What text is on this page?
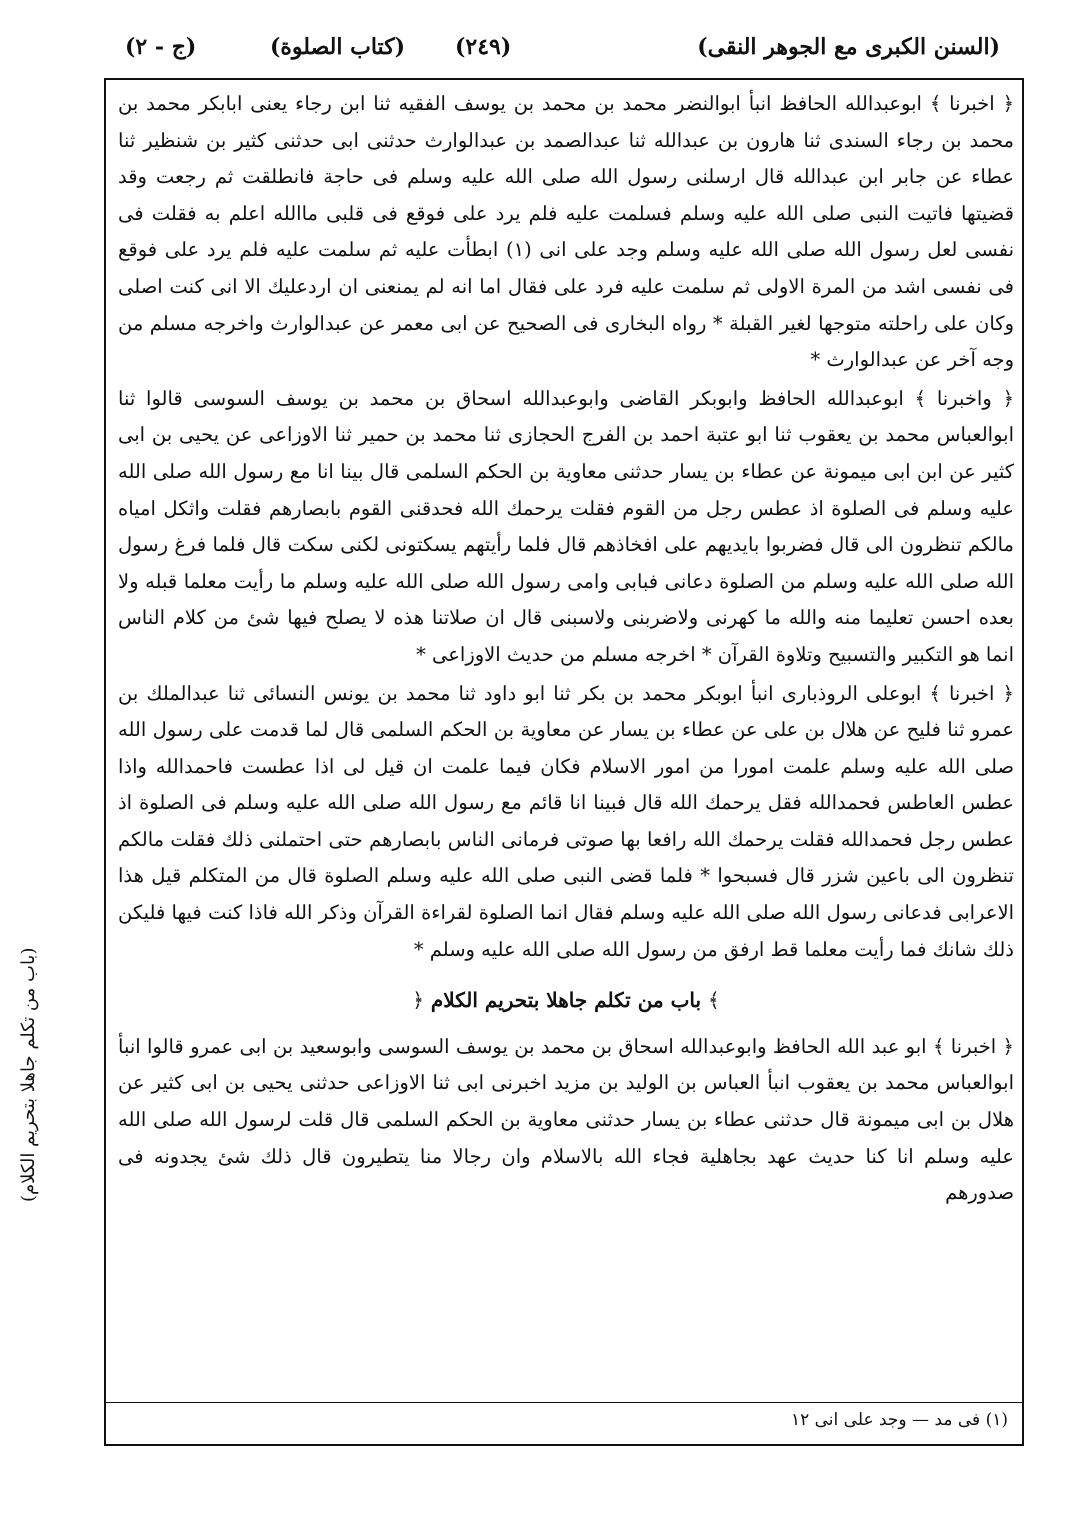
(السنن الكبرى مع الجوهر النقى)
(٢٤٩)
(كتاب الصلوة)
(ج - ٢)

﴿ اخبرنا ﴾ ابوعبدالله الحافظ انبأ ابوالنضر محمد بن محمد بن يوسف الفقيه ثنا ابن رجاء يعنى ابابكر محمد بن محمد بن رجاء السندى ثنا هارون بن عبدالله ثنا عبدالصمد بن عبدالوارث حدثنى ابى حدثنى كثير بن شنظير ثنا عطاء عن جابر ابن عبدالله قال ارسلنى رسول الله صلى الله عليه وسلم فى حاجة فانطلقت ثم رجعت وقد قضيتها فاتيت النبى صلى الله عليه وسلم فسلمت عليه فلم يرد على فوقع فى قلبى ماالله اعلم به فقلت فى نفسى لعل رسول الله صلى الله عليه وسلم وجد على انى (١) ابطأت عليه ثم سلمت عليه فلم يرد على فوقع فى نفسى اشد من المرة الاولى ثم سلمت عليه فرد على فقال اما انه لم يمنعنى ان اردعليك الا انى كنت اصلى وكان على راحلته متوجها لغير القبلة * رواه البخارى فى الصحيح عن ابى معمر عن عبدالوارث واخرجه مسلم من وجه آخر عن عبدالوارث *

﴿ واخبرنا ﴾ ابوعبدالله الحافظ وابوبكر القاضى وابوعبدالله اسحاق بن محمد بن يوسف السوسى قالوا ثنا ابوالعباس محمد بن يعقوب ثنا ابو عتبة احمد بن الفرج الحجازى ثنا محمد بن حمير ثنا الاوزاعى عن يحيى بن ابى كثير عن ابن ابى ميمونة عن عطاء بن يسار حدثنى معاوية بن الحكم السلمى قال بينا انا مع رسول الله صلى الله عليه وسلم فى الصلوة اذ عطس رجل من القوم فقلت يرحمك الله فحدقنى القوم بابصارهم فقلت واثكل امياه مالكم تنظرون الى قال فضربوا بايديهم على افخاذهم قال فلما رأيتهم يسكتونى لكنى سكت قال فلما فرغ رسول الله صلى الله عليه وسلم من الصلوة دعانى فبابى وامى رسول الله صلى الله عليه وسلم ما رأيت معلما قبله ولا بعده احسن تعليما منه والله ما كهرنى ولاضربنى ولاسبنى قال ان صلاتنا هذه لا يصلح فيها شئ من كلام الناس انما هو التكبير والتسبيح وتلاوة القرآن * اخرجه مسلم من حديث الاوزاعى *

﴿ اخبرنا ﴾ ابوعلى الروذبارى انبأ ابوبكر محمد بن بكر ثنا ابو داود ثنا محمد بن يونس النسائى ثنا عبدالملك بن عمرو ثنا فليح عن هلال بن على عن عطاء بن يسار عن معاوية بن الحكم السلمى قال لما قدمت على رسول الله صلى الله عليه وسلم علمت امورا من امور الاسلام فكان فيما علمت ان قيل لى اذا عطست فاحمدالله واذا عطس العاطس فحمدالله فقل يرحمك الله قال فبينا انا قائم مع رسول الله صلى الله عليه وسلم فى الصلوة اذ عطس رجل فحمدالله فقلت يرحمك الله رافعا بها صوتى فرمانى الناس بابصارهم حتى احتملنى ذلك فقلت مالكم تنظرون الى باعين شزر قال فسبحوا * فلما قضى النبى صلى الله عليه وسلم الصلوة قال من المتكلم قيل هذا الاعرابى فدعانى رسول الله صلى الله عليه وسلم فقال انما الصلوة لقراءة القرآن وذكر الله فاذا كنت فيها فليكن ذلك شانك فما رأيت معلما قط ارفق من رسول الله صلى الله عليه وسلم *

﴾ باب من تكلم جاهلا بتحريم الكلام ﴿

﴿ اخبرنا ﴾ ابو عبد الله الحافظ وابوعبدالله اسحاق بن محمد بن يوسف السوسى وابوسعيد بن ابى عمرو قالوا انبأ ابوالعباس محمد بن يعقوب انبأ العباس بن الوليد بن مزيد اخبرنى ابى ثنا الاوزاعى حدثنى يحيى بن ابى كثير عن هلال بن ابى ميمونة قال حدثنى عطاء بن يسار حدثنى معاوية بن الحكم السلمى قال قلت لرسول الله صلى الله عليه وسلم انا كنا حديث عهد بجاهلية فجاء الله بالاسلام وان رجالا منا يتطيرون قال ذلك شئ يجدونه فى صدورهم

(١) فى مد — وجد على انى ١٢
(باب من تكلم جاهلا بتحريم الكلام)
